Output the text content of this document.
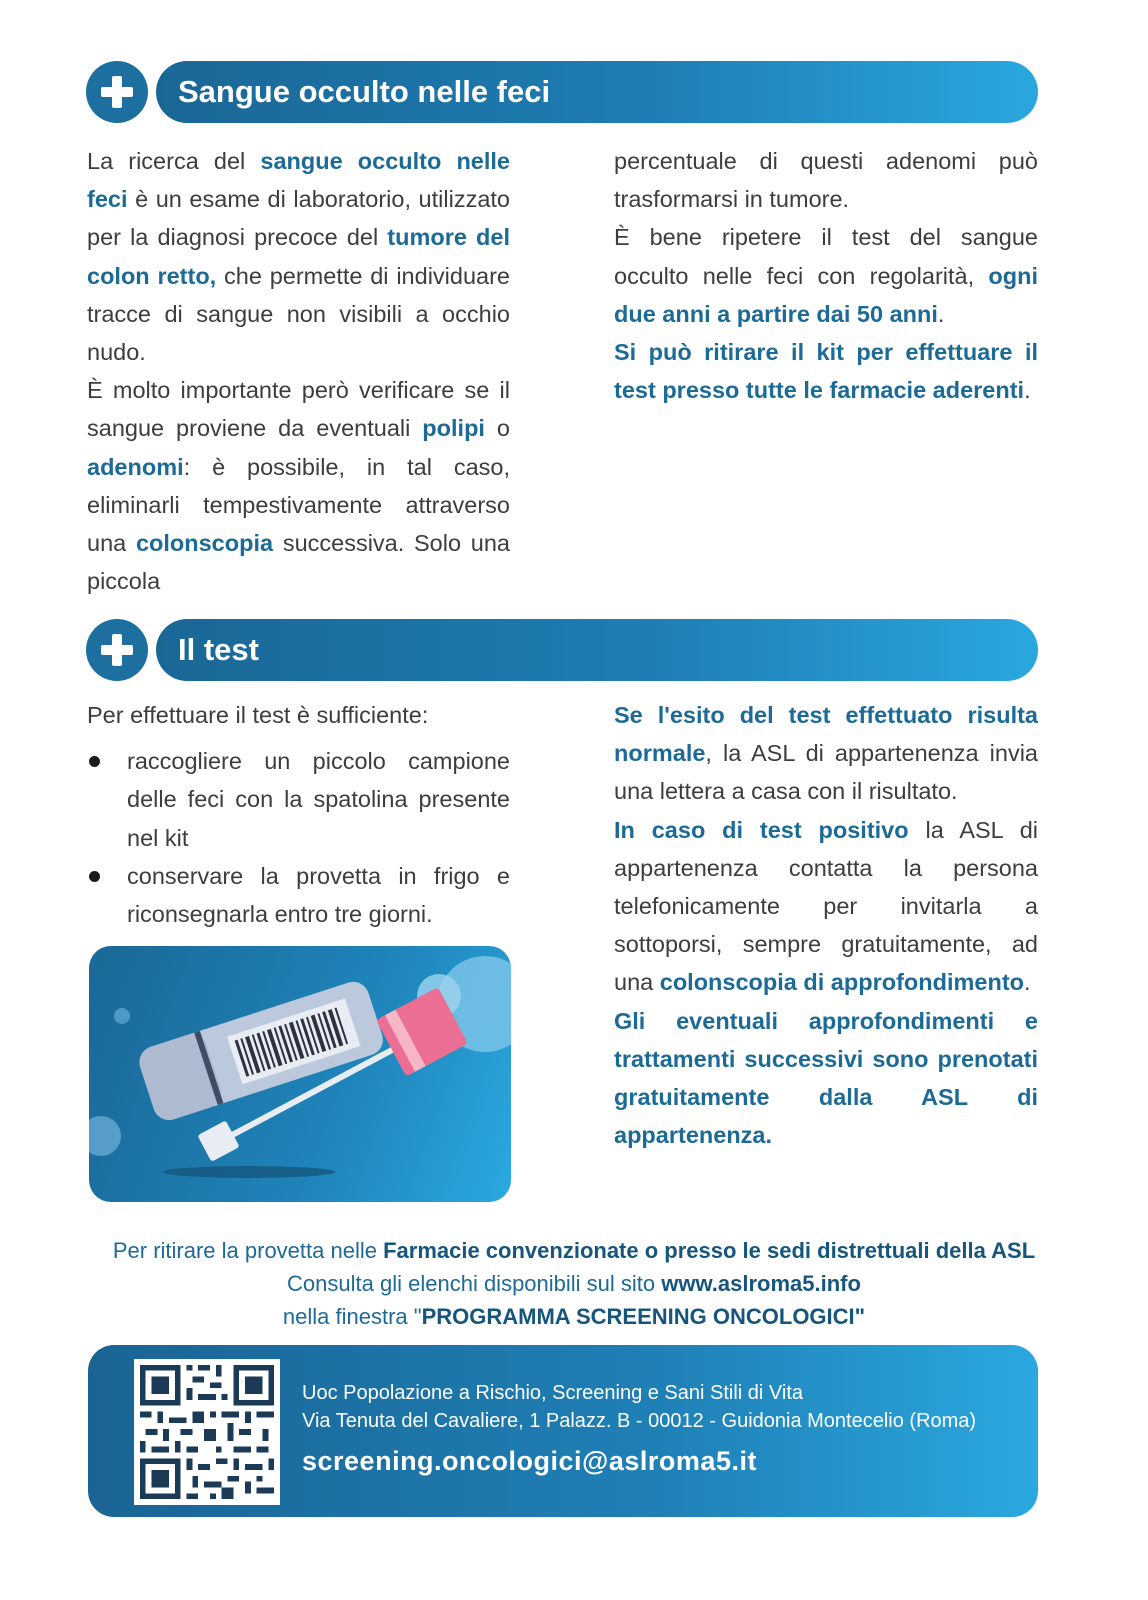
Sangue occulto nelle feci

La ricerca del sangue occulto nelle feci è un esame di laboratorio, utilizzato per la diagnosi precoce del tumore del colon retto, che permette di individuare tracce di sangue non visibili a occhio nudo.

È molto importante però verificare se il sangue proviene da eventuali polipi o adenomi: è possibile, in tal caso, eliminarli tempestivamente attraverso una colonscopia successiva. Solo una piccola

percentuale di questi adenomi può trasformarsi in tumore.

È bene ripetere il test del sangue occulto nelle feci con regolarità, ogni due anni a partire dai 50 anni.

Si può ritirare il kit per effettuare il test presso tutte le farmacie aderenti.

Il test

Per effettuare il test è sufficiente:

raccogliere un piccolo campione delle feci con la spatolina presente nel kit
conservare la provetta in frigo e riconsegnarla entro tre giorni.

Se l'esito del test effettuato risulta normale, la ASL di appartenenza invia una lettera a casa con il risultato.

In caso di test positivo la ASL di appartenenza contatta la persona telefonicamente per invitarla a sottoporsi, sempre gratuitamente, ad una colonscopia di approfondimento.

Gli eventuali approfondimenti e trattamenti successivi sono prenotati gratuitamente dalla ASL di appartenenza.

Per ritirare la provetta nelle Farmacie convenzionate o presso le sedi distrettuali della ASL
Consulta gli elenchi disponibili sul sito www.aslroma5.info
nella finestra "PROGRAMMA SCREENING ONCOLOGICI"
Uoc Popolazione a Rischio, Screening e Sani Stili di Vita
Via Tenuta del Cavaliere, 1 Palazz. B - 00012 - Guidonia Montecelio (Roma)
screening.oncologici@aslroma5.it
